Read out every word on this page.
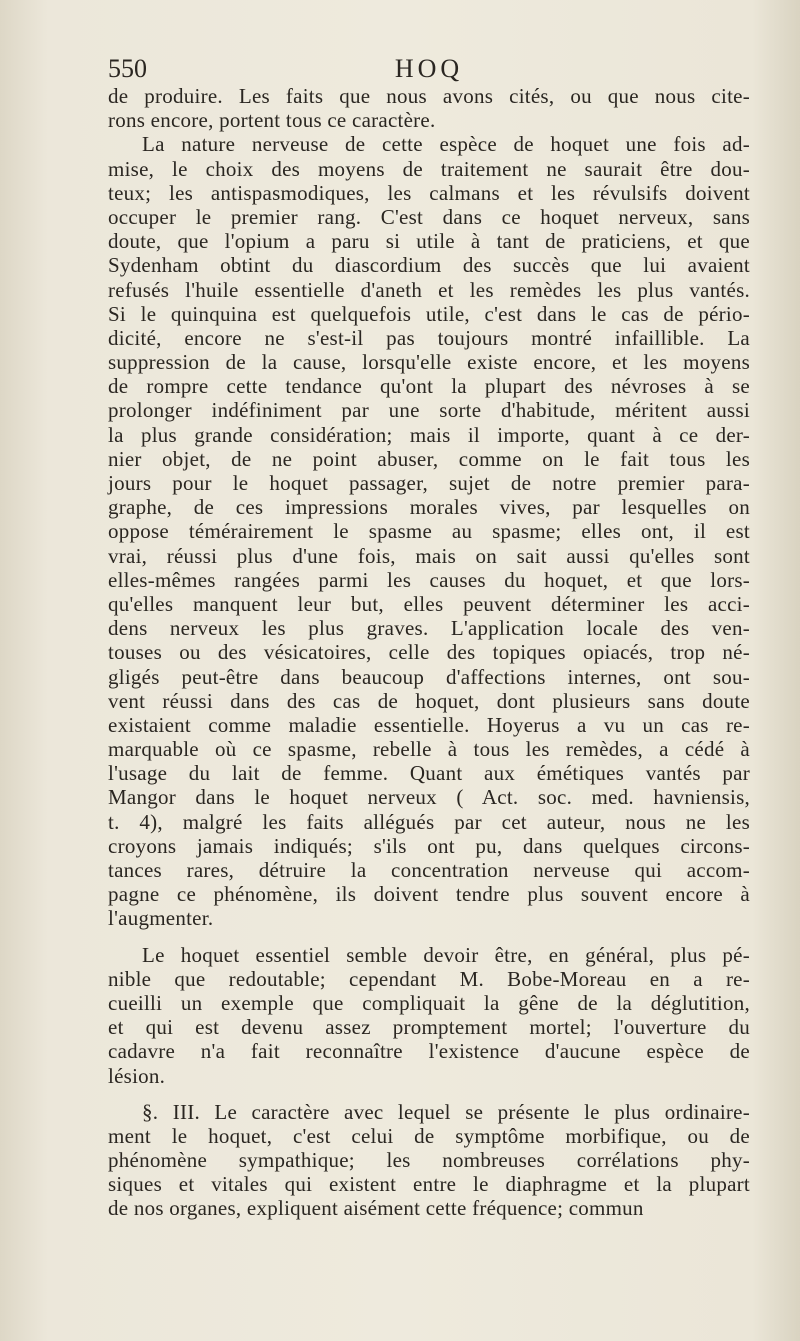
550	HOQ
de produire. Les faits que nous avons cités, ou que nous cite-
rons encore, portent tous ce caractère.
La nature nerveuse de cette espèce de hoquet une fois ad-
mise, le choix des moyens de traitement ne saurait être dou-
teux; les antispasmodiques, les calmans et les révulsifs doivent
occuper le premier rang. C'est dans ce hoquet nerveux, sans
doute, que l'opium a paru si utile à tant de praticiens, et que
Sydenham obtint du diascordium des succès que lui avaient
refusés l'huile essentielle d'aneth et les remèdes les plus vantés.
Si le quinquina est quelquefois utile, c'est dans le cas de pério-
dicité, encore ne s'est-il pas toujours montré infaillible. La
suppression de la cause, lorsqu'elle existe encore, et les moyens
de rompre cette tendance qu'ont la plupart des névroses à se
prolonger indéfiniment par une sorte d'habitude, méritent aussi
la plus grande considération; mais il importe, quant à ce der-
nier objet, de ne point abuser, comme on le fait tous les
jours pour le hoquet passager, sujet de notre premier para-
graphe, de ces impressions morales vives, par lesquelles on
oppose témérairement le spasme au spasme; elles ont, il est
vrai, réussi plus d'une fois, mais on sait aussi qu'elles sont
elles-mêmes rangées parmi les causes du hoquet, et que lors-
qu'elles manquent leur but, elles peuvent déterminer les acci-
dens nerveux les plus graves. L'application locale des ven-
touses ou des vésicatoires, celle des topiques opiacés, trop né-
gligés peut-être dans beaucoup d'affections internes, ont sou-
vent réussi dans des cas de hoquet, dont plusieurs sans doute
existaient comme maladie essentielle. Hoyerus a vu un cas re-
marquable où ce spasme, rebelle à tous les remèdes, a cédé à
l'usage du lait de femme. Quant aux émétiques vantés par
Mangor dans le hoquet nerveux ( Act. soc. med. havniensis,
t. 4), malgré les faits allégués par cet auteur, nous ne les
croyons jamais indiqués; s'ils ont pu, dans quelques circons-
tances rares, détruire la concentration nerveuse qui accom-
pagne ce phénomène, ils doivent tendre plus souvent encore à
l'augmenter.
Le hoquet essentiel semble devoir être, en général, plus pé-
nible que redoutable; cependant M. Bobe-Moreau en a re-
cueilli un exemple que compliquait la gêne de la déglutition,
et qui est devenu assez promptement mortel; l'ouverture du
cadavre n'a fait reconnaître l'existence d'aucune espèce de
lésion.
§. III. Le caractère avec lequel se présente le plus ordinaire-
ment le hoquet, c'est celui de symptôme morbifique, ou de
phénomène sympathique; les nombreuses corrélations phy-
siques et vitales qui existent entre le diaphragme et la plupart
de nos organes, expliquent aisément cette fréquence; commun
